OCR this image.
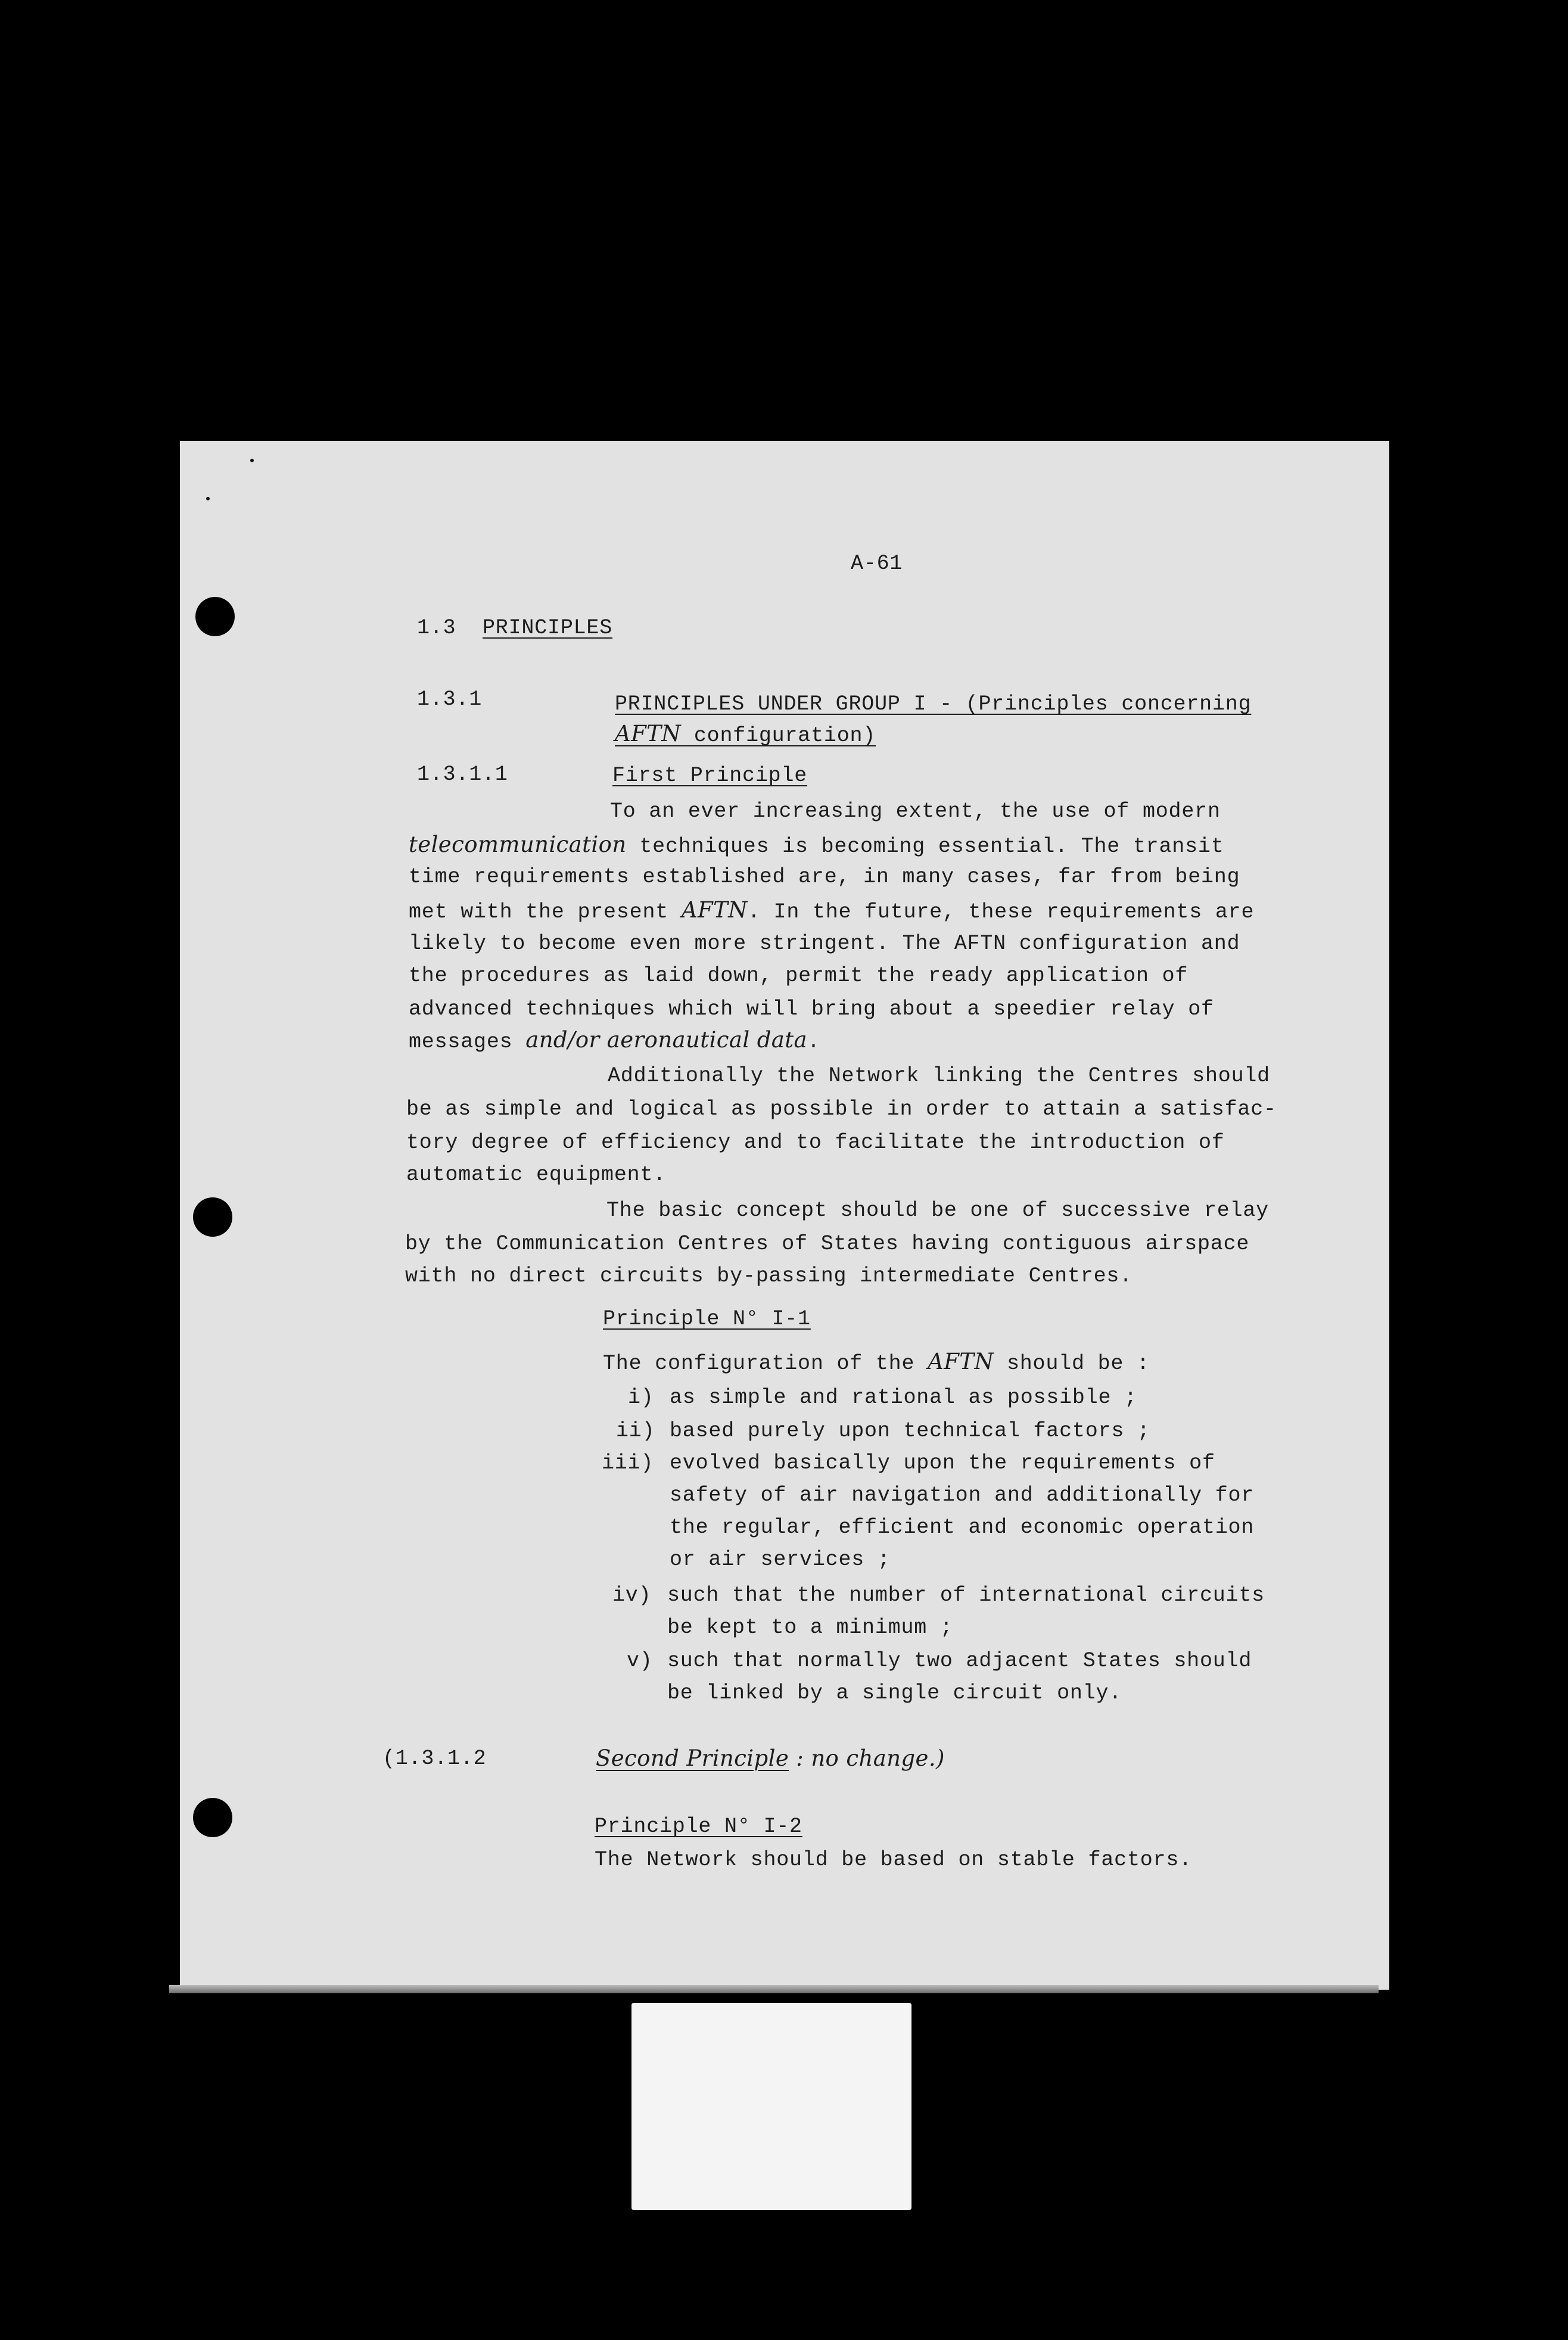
A-61
1.3 PRINCIPLES
1.3.1	PRINCIPLES UNDER GROUP I - (Principles concerning
AFTN configuration)
1.3.1.1	First Principle
To an ever increasing extent, the use of modern
telecommunication techniques is becoming essential. The transit
time requirements established are, in many cases, far from being
met with the present AFTN. In the future, these requirements are
likely to become even more stringent. The AFTN configuration and
the procedures as laid down, permit the ready application of
advanced techniques which will bring about a speedier relay of
messages and/or aeronautical data.
Additionally the Network linking the Centres should
be as simple and logical as possible in order to attain a satisfac-
tory degree of efficiency and to facilitate the introduction of
automatic equipment.
The basic concept should be one of successive relay
by the Communication Centres of States having contiguous airspace
with no direct circuits by-passing intermediate Centres.
Principle N° I-1
The configuration of the AFTN should be :
i) as simple and rational as possible ;
ii) based purely upon technical factors ;
iii) evolved basically upon the requirements of
safety of air navigation and additionally for
the regular, efficient and economic operation
or air services ;
iv) such that the number of international circuits
be kept to a minimum ;
v) such that normally two adjacent States should
be linked by a single circuit only.
(1.3.1.2	Second Principle : no change.)
Principle N° I-2
The Network should be based on stable factors.
